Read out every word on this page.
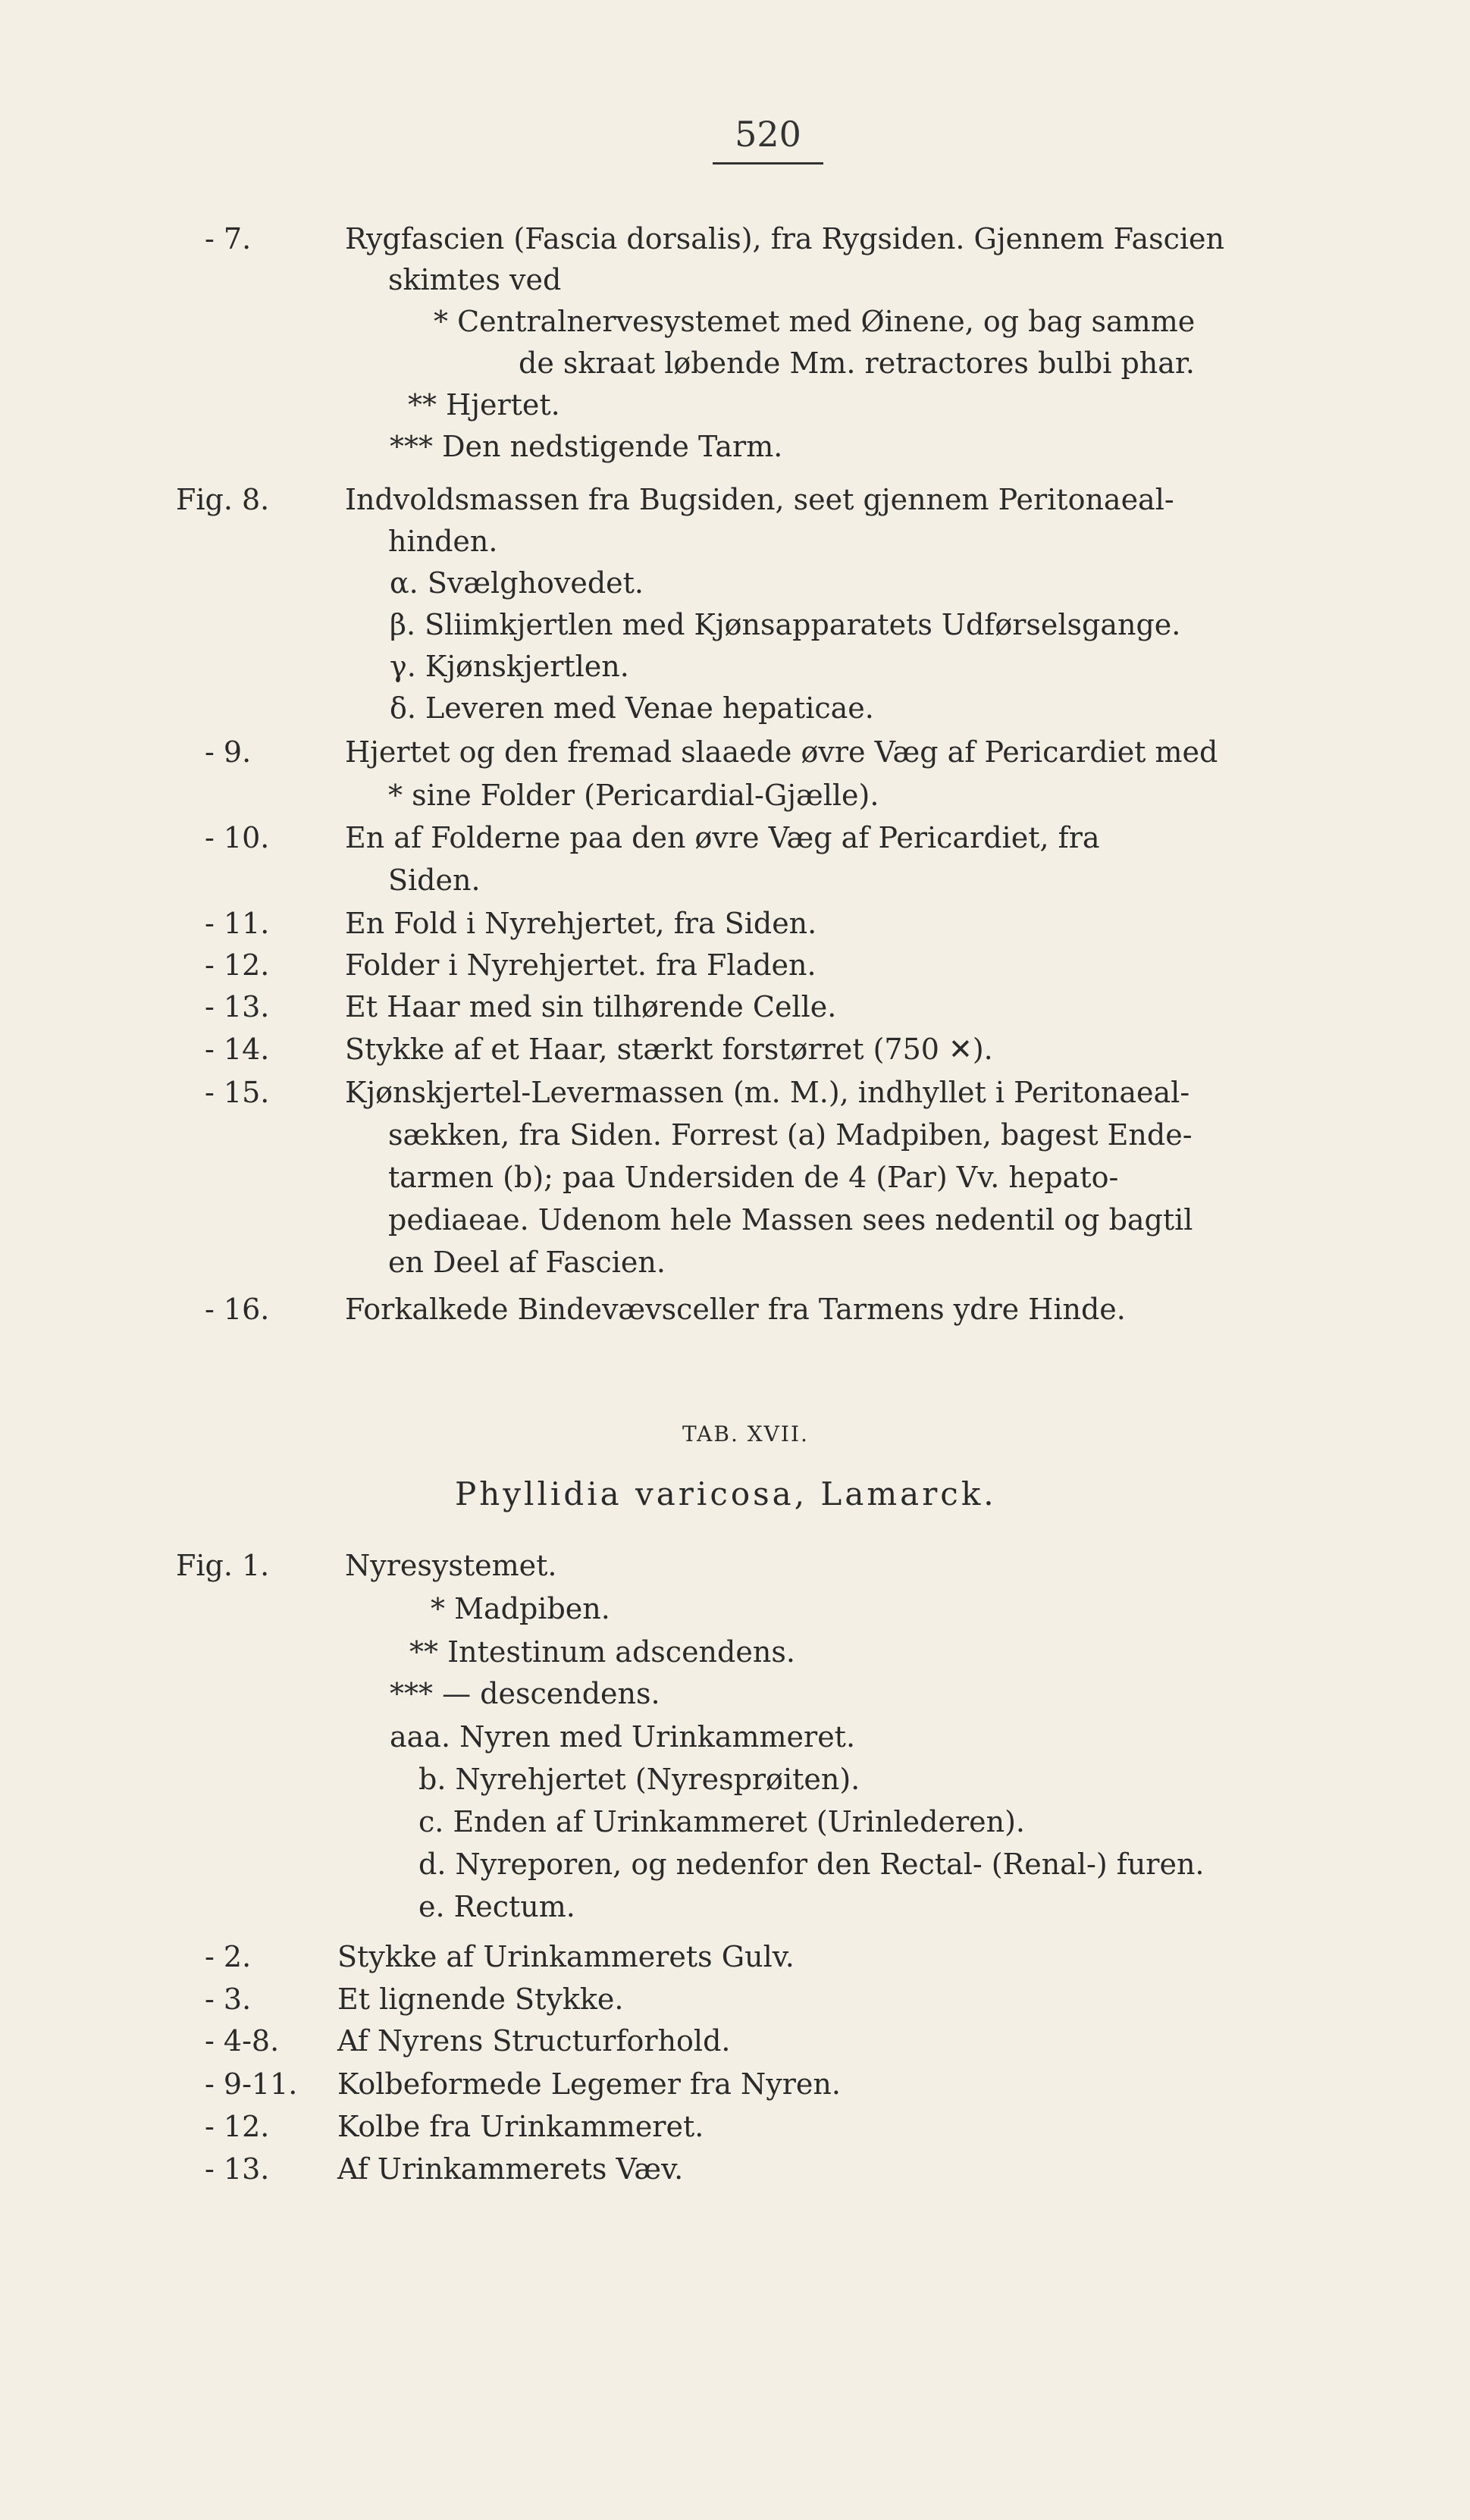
520
- 7.	Rygfascien (Fascia dorsalis), fra Rygsiden. Gjennem Fascien
skimtes ved
* Centralnervesystemet med Øinene, og bag samme
de skraat løbende Mm. retractores bulbi phar.
** Hjertet.
*** Den nedstigende Tarm.
Fig. 8.	Indvoldsmassen fra Bugsiden, seet gjennem Peritonaeal-
hinden.
α. Svælghovedet.
β. Sliimkjertlen med Kjønsapparatets Udførselsgange.
γ. Kjønskjertlen.
δ. Leveren med Venae hepaticae.
- 9.	Hjertet og den fremad slaaede øvre Væg af Pericardiet med
* sine Folder (Pericardial-Gjælle).
- 10.	En af Folderne paa den øvre Væg af Pericardiet, fra
Siden.
- 11.	En Fold i Nyrehjertet, fra Siden.
- 12.	Folder i Nyrehjertet. fra Fladen.
- 13.	Et Haar med sin tilhørende Celle.
- 14.	Stykke af et Haar, stærkt forstørret (750 ✕).
- 15.	Kjønskjertel-Levermassen (m. M.), indhyllet i Peritonaeal-
sækken, fra Siden. Forrest (a) Madpiben, bagest Ende-
tarmen (b); paa Undersiden de 4 (Par) Vv. hepato-
pediaeae. Udenom hele Massen sees nedentil og bagtil
en Deel af Fascien.
- 16.	Forkalkede Bindevævsceller fra Tarmens ydre Hinde.
TAB. XVII.
Phyllidia varicosa, Lamarck.
Fig. 1.	Nyresystemet.
* Madpiben.
** Intestinum adscendens.
*** — descendens.
aaa. Nyren med Urinkammeret.
b. Nyrehjertet (Nyresprøiten).
c. Enden af Urinkammeret (Urinlederen).
d. Nyreporen, og nedenfor den Rectal- (Renal-) furen.
e. Rectum.
- 2.	Stykke af Urinkammerets Gulv.
- 3.	Et lignende Stykke.
- 4-8. Af Nyrens Structurforhold.
- 9-11. Kolbeformede Legemer fra Nyren.
- 12. Kolbe fra Urinkammeret.
- 13. Af Urinkammerets Væv.
